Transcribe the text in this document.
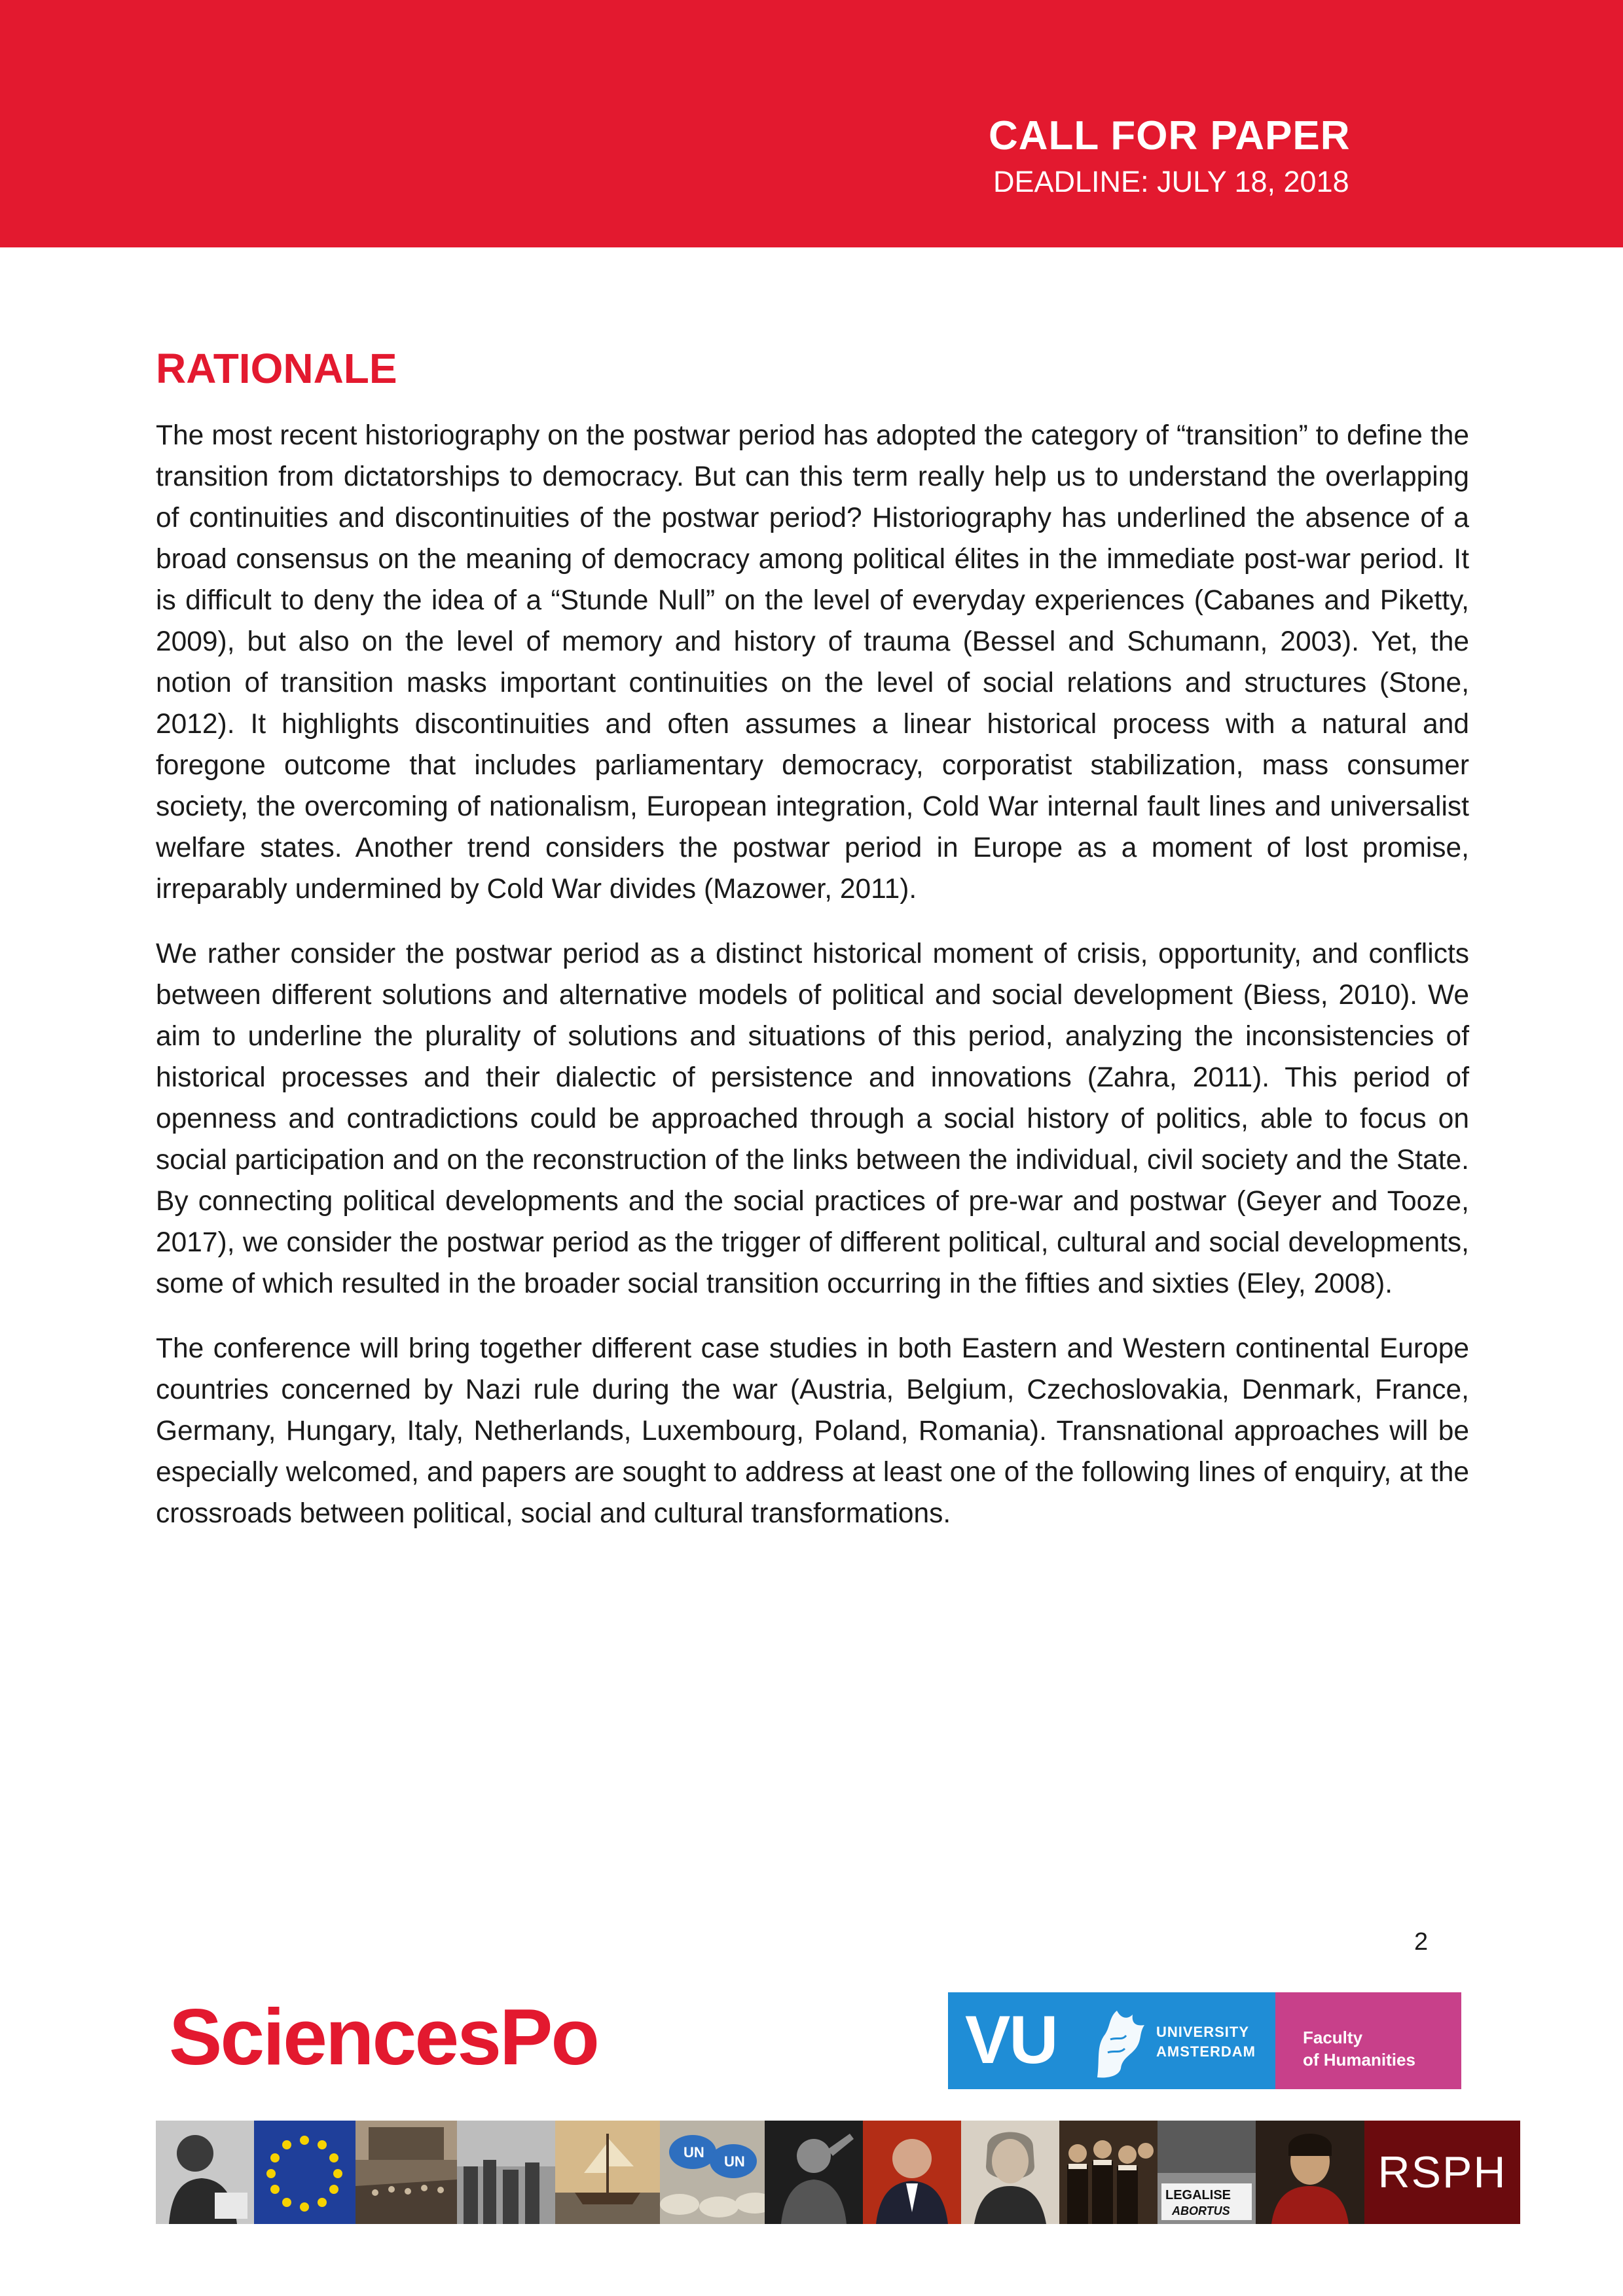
CALL FOR PAPER
DEADLINE: JULY 18, 2018
RATIONALE

The most recent historiography on the postwar period has adopted the category of “transition” to define the transition from dictatorships to democracy. But can this term really help us to understand the overlapping of continuities and discontinuities of the postwar period? Historiography has underlined the absence of a broad consensus on the meaning of democracy among political élites in the immediate post-war period. It is difficult to deny the idea of a “Stunde Null” on the level of everyday experiences (Cabanes and Piketty, 2009), but also on the level of memory and history of trauma (Bessel and Schumann, 2003). Yet, the notion of transition masks important continuities on the level of social relations and structures (Stone, 2012). It highlights discontinuities and often assumes a linear historical process with a natural and foregone outcome that includes parliamentary democracy, corporatist stabilization, mass consumer society, the overcoming of nationalism, European integration, Cold War internal fault lines and universalist welfare states. Another trend considers the postwar period in Europe as a moment of lost promise, irreparably undermined by Cold War divides (Mazower, 2011).

We rather consider the postwar period as a distinct historical moment of crisis, opportunity, and conflicts between different solutions and alternative models of political and social development (Biess, 2010). We aim to underline the plurality of solutions and situations of this period, analyzing the inconsistencies of historical processes and their dialectic of persistence and innovations (Zahra, 2011). This period of openness and contradictions could be approached through a social history of politics, able to focus on social participation and on the reconstruction of the links between the individual, civil society and the State. By connecting political developments and the social practices of pre-war and postwar (Geyer and Tooze, 2017), we consider the postwar period as the trigger of different political, cultural and social developments, some of which resulted in the broader social transition occurring in the fifties and sixties (Eley, 2008).

The conference will bring together different case studies in both Eastern and Western continental Europe countries concerned by Nazi rule during the war (Austria, Belgium, Czechoslovakia, Denmark, France, Germany, Hungary, Italy, Netherlands, Luxembourg, Poland, Romania). Transnational approaches will be especially welcomed, and papers are sought to address at least one of the following lines of enquiry, at the crossroads between political, social and cultural transformations.

2
SciencesPo	VU	UNIVERSITY
AMSTERDAM
Faculty
of Humanities
UN
UN
LEGALISE
ABORTUS
RSPH
